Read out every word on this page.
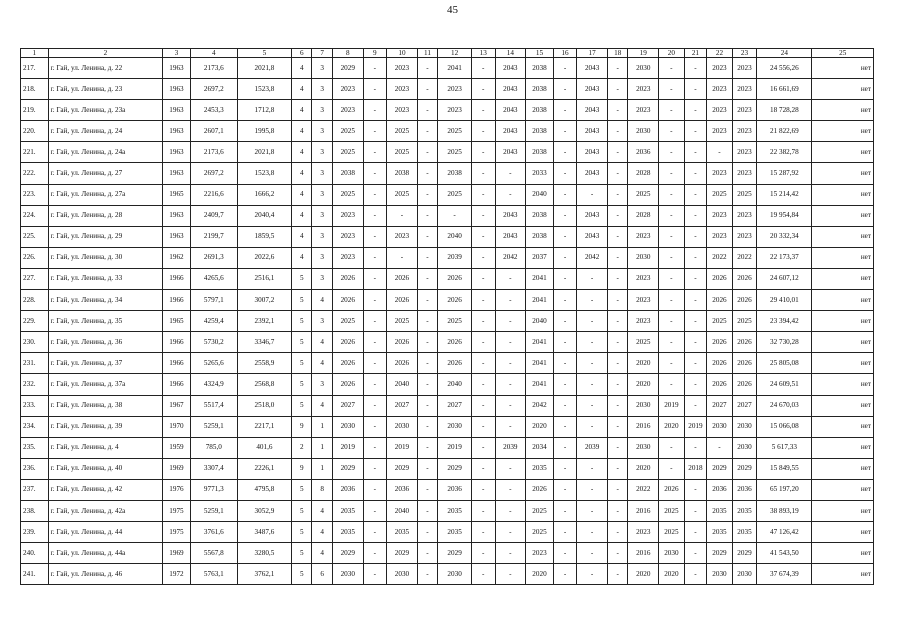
45
1	2	3	4	5	6	7	8	9	10	11	12	13	14	15	16	17	18	19	20	21	22	23	24	25
217.	г. Гай, ул. Ленина, д. 22	1963	2173,6	2021,8	4	3	2029	-	2023	-	2041	-	2043	2038	-	2043	-	2030	-	-	2023	2023	24 556,26	нет
218.	г. Гай, ул. Ленина, д. 23	1963	2697,2	1523,8	4	3	2023	-	2023	-	2023	-	2043	2038	-	2043	-	2023	-	-	2023	2023	16 661,69	нет
219.	г. Гай, ул. Ленина, д. 23а	1963	2453,3	1712,8	4	3	2023	-	2023	-	2023	-	2043	2038	-	2043	-	2023	-	-	2023	2023	18 728,28	нет
220.	г. Гай, ул. Ленина, д. 24	1963	2607,1	1995,8	4	3	2025	-	2025	-	2025	-	2043	2038	-	2043	-	2030	-	-	2023	2023	21 822,69	нет
221.	г. Гай, ул. Ленина, д. 24а	1963	2173,6	2021,8	4	3	2025	-	2025	-	2025	-	2043	2038	-	2043	-	2036	-	-	-	2023	22 382,78	нет
222.	г. Гай, ул. Ленина, д. 27	1963	2697,2	1523,8	4	3	2038	-	2038	-	2038	-	-	2033	-	2043	-	2028	-	-	2023	2023	15 287,92	нет
223.	г. Гай, ул. Ленина, д. 27а	1965	2216,6	1666,2	4	3	2025	-	2025	-	2025	-	-	2040	-	-	-	2025	-	-	2025	2025	15 214,42	нет
224.	г. Гай, ул. Ленина, д. 28	1963	2409,7	2040,4	4	3	2023	-	-	-	-	-	2043	2038	-	2043	-	2028	-	-	2023	2023	19 954,84	нет
225.	г. Гай, ул. Ленина, д. 29	1963	2199,7	1859,5	4	3	2023	-	2023	-	2040	-	2043	2038	-	2043	-	2023	-	-	2023	2023	20 332,34	нет
226.	г. Гай, ул. Ленина, д. 30	1962	2691,3	2022,6	4	3	2023	-	-	-	2039	-	2042	2037	-	2042	-	2030	-	-	2022	2022	22 173,37	нет
227.	г. Гай, ул. Ленина, д. 33	1966	4265,6	2516,1	5	3	2026	-	2026	-	2026	-	-	2041	-	-	-	2023	-	-	2026	2026	24 607,12	нет
228.	г. Гай, ул. Ленина, д. 34	1966	5797,1	3007,2	5	4	2026	-	2026	-	2026	-	-	2041	-	-	-	2023	-	-	2026	2026	29 410,01	нет
229.	г. Гай, ул. Ленина, д. 35	1965	4259,4	2392,1	5	3	2025	-	2025	-	2025	-	-	2040	-	-	-	2023	-	-	2025	2025	23 394,42	нет
230.	г. Гай, ул. Ленина, д. 36	1966	5730,2	3346,7	5	4	2026	-	2026	-	2026	-	-	2041	-	-	-	2025	-	-	2026	2026	32 730,28	нет
231.	г. Гай, ул. Ленина, д. 37	1966	5265,6	2558,9	5	4	2026	-	2026	-	2026	-	-	2041	-	-	-	2020	-	-	2026	2026	25 805,08	нет
232.	г. Гай, ул. Ленина, д. 37а	1966	4324,9	2568,8	5	3	2026	-	2040	-	2040	-	-	2041	-	-	-	2020	-	-	2026	2026	24 609,51	нет
233.	г. Гай, ул. Ленина, д. 38	1967	5517,4	2518,0	5	4	2027	-	2027	-	2027	-	-	2042	-	-	-	2030	2019	-	2027	2027	24 670,03	нет
234.	г. Гай, ул. Ленина, д. 39	1970	5259,1	2217,1	9	1	2030	-	2030	-	2030	-	-	2020	-	-	-	2016	2020	2019	2030	2030	15 066,08	нет
235.	г. Гай, ул. Ленина, д. 4	1959	785,0	401,6	2	1	2019	-	2019	-	2019	-	2039	2034	-	2039	-	2030	-	-	-	2030	5 617,33	нет
236.	г. Гай, ул. Ленина, д. 40	1969	3307,4	2226,1	9	1	2029	-	2029	-	2029	-	-	2035	-	-	-	2020	-	2018	2029	2029	15 849,55	нет
237.	г. Гай, ул. Ленина, д. 42	1976	9771,3	4795,8	5	8	2036	-	2036	-	2036	-	-	2026	-	-	-	2022	2026	-	2036	2036	65 197,20	нет
238.	г. Гай, ул. Ленина, д. 42а	1975	5259,1	3052,9	5	4	2035	-	2040	-	2035	-	-	2025	-	-	-	2016	2025	-	2035	2035	38 893,19	нет
239.	г. Гай, ул. Ленина, д. 44	1975	3761,6	3487,6	5	4	2035	-	2035	-	2035	-	-	2025	-	-	-	2023	2025	-	2035	2035	47 126,42	нет
240.	г. Гай, ул. Ленина, д. 44а	1969	5567,8	3280,5	5	4	2029	-	2029	-	2029	-	-	2023	-	-	-	2016	2030	-	2029	2029	41 543,50	нет
241.	г. Гай, ул. Ленина, д. 46	1972	5763,1	3762,1	5	6	2030	-	2030	-	2030	-	-	2020	-	-	-	2020	2020	-	2030	2030	37 674,39	нет
